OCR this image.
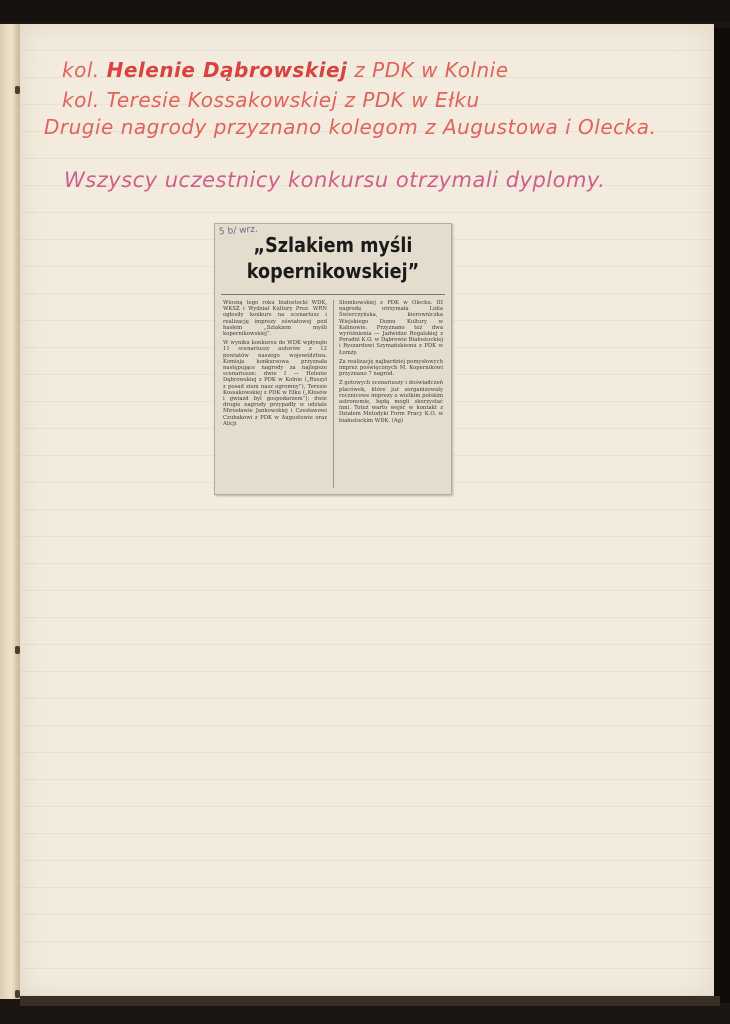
kol. Helenie Dąbrowskiej z PDK w Kolnie
kol. Teresie Kossakowskiej z PDK w Ełku
Drugie nagrody przyznano kolegom z Augustowa i Olecka.
Wszyscy uczestnicy konkursu otrzymali dyplomy.
5 b/ wrz.
„Szlakiem myśli kopernikowskiej”

Wiosną tego roku białostocki WDK, WKSZ i Wydział Kultury Prez. WRN ogłosiły konkurs na scenariusz i realizację imprezy oświatowej pod hasłem „Szlakiem myśli kopernikowskiej”.

W wyniku konkursu do WDK wpłynęło 11 scenariuszy autorów z 12 powiatów naszego województwa. Komisja konkursowa przyznała następujące nagrody za najlepsze scenariusze: dwie I — Helenie Dąbrowskiej z PDK w Kolnie („Ruszył z posad ziem nasz ogromny”), Teresie Kossakowskiej z PDK w Ełku („Kłosów i gwiazd był gospodarzem”); dwie drugie nagrody przypadły w udziale Mirosławie Jankowskiej i Czesławowi Czubakowi z PDK w Augustowie oraz Alicji

Słomkowskiej z PDK w Olecku. III nagrodę otrzymała Lidia Świerczyńska, kierowniczka Wiejskiego Domu Kultury w Kalinowie. Przyznano też dwa wyróżnienia — Jadwidze Rogalskiej z Poradni K.O. w Dąbrowie Białostockiej i Ryszardowi Szymańskiemu z PDK w Łomży.

Za realizację najbardziej pomysłowych imprez poświęconych M. Kopernikowi przyznano 7 nagród.

Z gotowych scenariuszy i doświadczeń placówek, które już zorganizowały rocznicowe imprezy o wielkim polskim astronomie, będą mogli skorzystać inni. Toteż warto wejść w kontakt z Działem Metodyki Form Pracy K.O. w białostockim WDK. (Ag)
